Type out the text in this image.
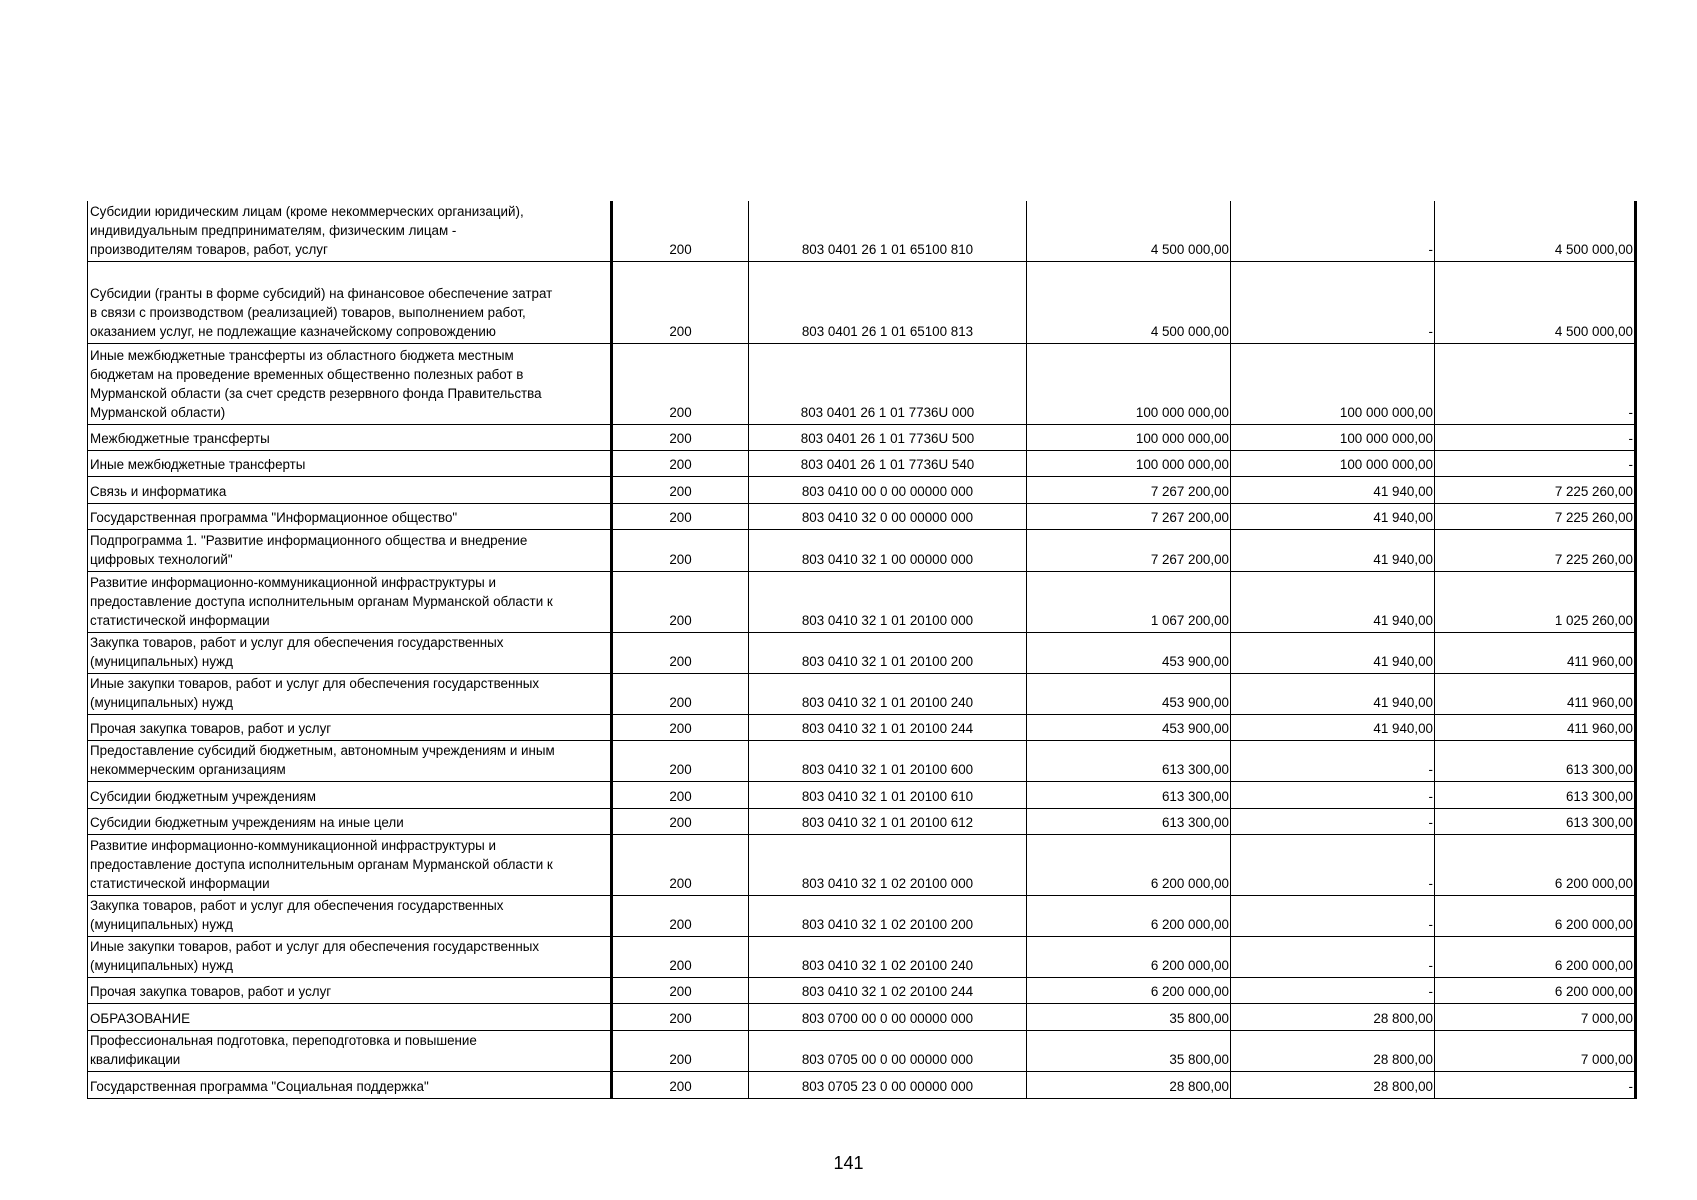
Субсидии юридическим лицам (кроме некоммерческих организаций),
индивидуальным предпринимателям, физическим лицам -
производителям товаров, работ, услуг	200	803 0401 26 1 01 65100 810	4 500 000,00	-	4 500 000,00

Субсидии (гранты в форме субсидий) на финансовое обеспечение затрат
в связи с производством (реализацией) товаров, выполнением работ,
оказанием услуг, не подлежащие казначейскому сопровождению	200	803 0401 26 1 01 65100 813	4 500 000,00	-	4 500 000,00

Иные межбюджетные трансферты из областного бюджета местным
бюджетам на проведение временных общественно полезных работ в
Мурманской области (за счет средств резервного фонда Правительства
Мурманской области)	200	803 0401 26 1 01 7736U 000	100 000 000,00	100 000 000,00	-

Межбюджетные трансферты	200	803 0401 26 1 01 7736U 500	100 000 000,00	100 000 000,00	-

Иные межбюджетные трансферты	200	803 0401 26 1 01 7736U 540	100 000 000,00	100 000 000,00	-

Связь и информатика	200	803 0410 00 0 00 00000 000	7 267 200,00	41 940,00	7 225 260,00

Государственная программа "Информационное общество"	200	803 0410 32 0 00 00000 000	7 267 200,00	41 940,00	7 225 260,00

Подпрограмма 1. "Развитие информационного общества и внедрение
цифровых технологий"	200	803 0410 32 1 00 00000 000	7 267 200,00	41 940,00	7 225 260,00

Развитие информационно-коммуникационной инфраструктуры и
предоставление доступа исполнительным органам Мурманской области к
статистической информации	200	803 0410 32 1 01 20100 000	1 067 200,00	41 940,00	1 025 260,00

Закупка товаров, работ и услуг для обеспечения государственных
(муниципальных) нужд	200	803 0410 32 1 01 20100 200	453 900,00	41 940,00	411 960,00

Иные закупки товаров, работ и услуг для обеспечения государственных
(муниципальных) нужд	200	803 0410 32 1 01 20100 240	453 900,00	41 940,00	411 960,00

Прочая закупка товаров, работ и услуг	200	803 0410 32 1 01 20100 244	453 900,00	41 940,00	411 960,00

Предоставление субсидий бюджетным, автономным учреждениям и иным
некоммерческим организациям	200	803 0410 32 1 01 20100 600	613 300,00	-	613 300,00

Субсидии бюджетным учреждениям	200	803 0410 32 1 01 20100 610	613 300,00	-	613 300,00

Субсидии бюджетным учреждениям на иные цели	200	803 0410 32 1 01 20100 612	613 300,00	-	613 300,00

Развитие информационно-коммуникационной инфраструктуры и
предоставление доступа исполнительным органам Мурманской области к
статистической информации	200	803 0410 32 1 02 20100 000	6 200 000,00	-	6 200 000,00

Закупка товаров, работ и услуг для обеспечения государственных
(муниципальных) нужд	200	803 0410 32 1 02 20100 200	6 200 000,00	-	6 200 000,00

Иные закупки товаров, работ и услуг для обеспечения государственных
(муниципальных) нужд	200	803 0410 32 1 02 20100 240	6 200 000,00	-	6 200 000,00

Прочая закупка товаров, работ и услуг	200	803 0410 32 1 02 20100 244	6 200 000,00	-	6 200 000,00

ОБРАЗОВАНИЕ	200	803 0700 00 0 00 00000 000	35 800,00	28 800,00	7 000,00

Профессиональная подготовка, переподготовка и повышение
квалификации	200	803 0705 00 0 00 00000 000	35 800,00	28 800,00	7 000,00

Государственная программа "Социальная поддержка"	200	803 0705 23 0 00 00000 000	28 800,00	28 800,00	-
141
